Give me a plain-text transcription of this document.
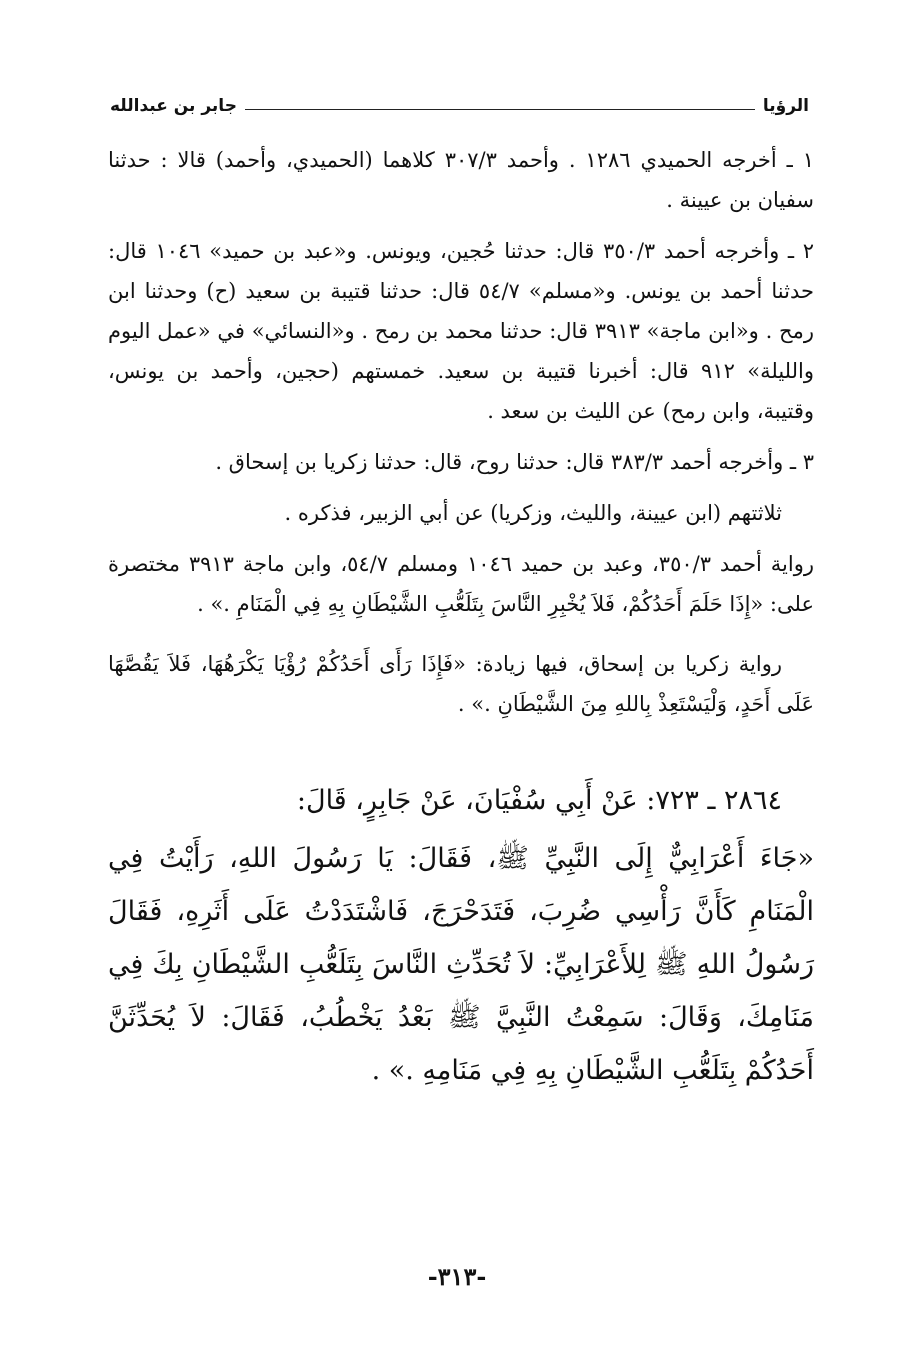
الرؤيا
جابر بن عبدالله

١ ـ أخرجه الحميدي ١٢٨٦ . وأحمد ٣٠٧/٣ كلاهما (الحميدي، وأحمد) قالا : حدثنا سفيان بن عيينة .

٢ ـ وأخرجه أحمد ٣٥٠/٣ قال: حدثنا حُجين، ويونس. و«عبد بن حميد» ١٠٤٦ قال: حدثنا أحمد بن يونس. و«مسلم» ٥٤/٧ قال: حدثنا قتيبة بن سعيد (ح) وحدثنا ابن رمح . و«ابن ماجة» ٣٩١٣ قال: حدثنا محمد بن رمح . و«النسائي» في «عمل اليوم والليلة» ٩١٢ قال: أخبرنا قتيبة بن سعيد. خمستهم (حجين، وأحمد بن يونس، وقتيبة، وابن رمح) عن الليث بن سعد .

٣ ـ وأخرجه أحمد ٣٨٣/٣ قال: حدثنا روح، قال: حدثنا زكريا بن إسحاق .

ثلاثتهم (ابن عيينة، والليث، وزكريا) عن أبي الزبير، فذكره .

رواية أحمد ٣٥٠/٣، وعبد بن حميد ١٠٤٦ ومسلم ٥٤/٧، وابن ماجة ٣٩١٣ مختصرة على: «إِذَا حَلَمَ أَحَدُكُمْ، فَلاَ يُخْبِرِ النَّاسَ بِتَلَعُّبِ الشَّيْطَانِ بِهِ فِي الْمَنَامِ .» .

رواية زكريا بن إسحاق، فيها زيادة: «فَإِذَا رَأَى أَحَدُكُمْ رُؤْيَا يَكْرَهُهَا، فَلاَ يَقُصَّهَا عَلَى أَحَدٍ، وَلْيَسْتَعِذْ بِاللهِ مِنَ الشَّيْطَانِ .» .

٢٨٦٤ ـ ٧٢٣: عَنْ أَبِي سُفْيَانَ، عَنْ جَابِرٍ، قَالَ:

«جَاءَ أَعْرَابِيٌّ إِلَى النَّبِيِّ ﷺ، فَقَالَ: يَا رَسُولَ اللهِ، رَأَيْتُ فِي الْمَنَامِ كَأَنَّ رَأْسِي ضُرِبَ، فَتَدَحْرَجَ، فَاشْتَدَدْتُ عَلَى أَثَرِهِ، فَقَالَ رَسُولُ اللهِ ﷺ لِلأَعْرَابِيِّ: لاَ تُحَدِّثِ النَّاسَ بِتَلَعُّبِ الشَّيْطَانِ بِكَ فِي مَنَامِكَ، وَقَالَ: سَمِعْتُ النَّبِيَّ ﷺ بَعْدُ يَخْطُبُ، فَقَالَ: لاَ يُحَدِّثَنَّ أَحَدُكُمْ بِتَلَعُّبِ الشَّيْطَانِ بِهِ فِي مَنَامِهِ .» .

-٣١٣-
